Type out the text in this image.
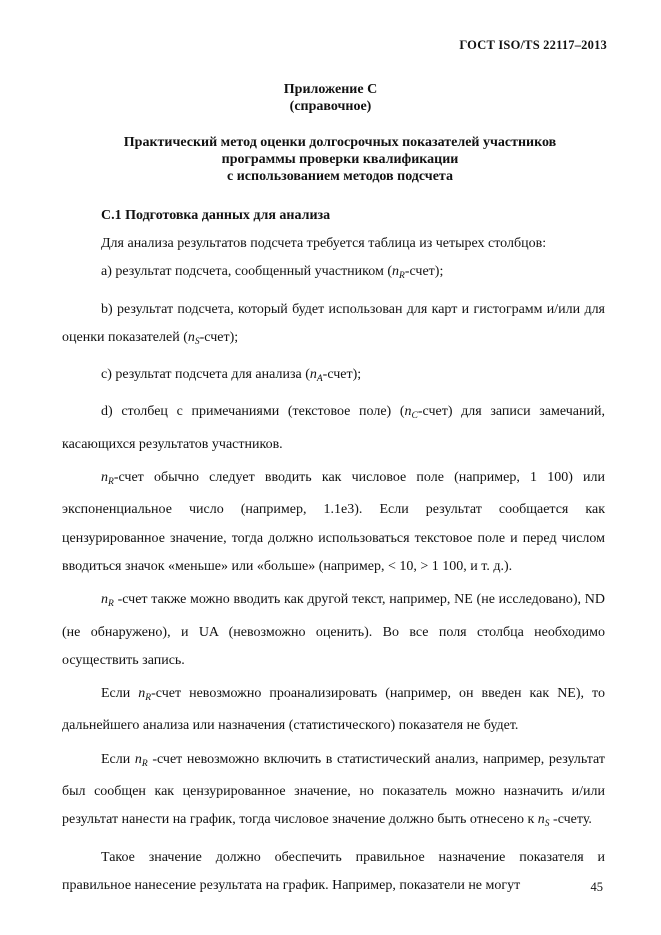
ГОСТ ISO/TS 22117–2013
Приложение С
(справочное)
Практический метод оценки долгосрочных показателей участников
программы проверки квалификации
с использованием методов подсчета
С.1 Подготовка данных для анализа

Для анализа результатов подсчета требуется таблица из четырех столбцов:

а) результат подсчета, сообщенный участником $(n_R-счет)$;

b) результат подсчета, который будет использован для карт и гистограмм и/или для оценки показателей $(n_S-счет)$;

с) результат подсчета для анализа $(n_A-счет)$;

d) столбец с примечаниями (текстовое поле) $(n_C-счет)$ для записи замечаний, касающихся результатов участников.

$n_R$-счет обычно следует вводить как числовое поле (например, 1 100) или экспоненциальное число (например, 1.1е3). Если результат сообщается как цензурированное значение, тогда должно использоваться текстовое поле и перед числом вводиться значок «меньше» или «больше» (например, < 10, > 1 100, и т. д.).

$n_R$ -счет также можно вводить как другой текст, например, NE (не исследовано), ND (не обнаружено), и UA (невозможно оценить). Во все поля столбца необходимо осуществить запись.

Если $n_R$-счет невозможно проанализировать (например, он введен как NE), то дальнейшего анализа или назначения (статистического) показателя не будет.

Если $n_R$ -счет невозможно включить в статистический анализ, например, результат был сообщен как цензурированное значение, но показатель можно назначить и/или результат нанести на график, тогда числовое значение должно быть отнесено к $n_S$ -счету.

Такое значение должно обеспечить правильное назначение показателя и правильное нанесение результата на график. Например, показатели не могут	45
